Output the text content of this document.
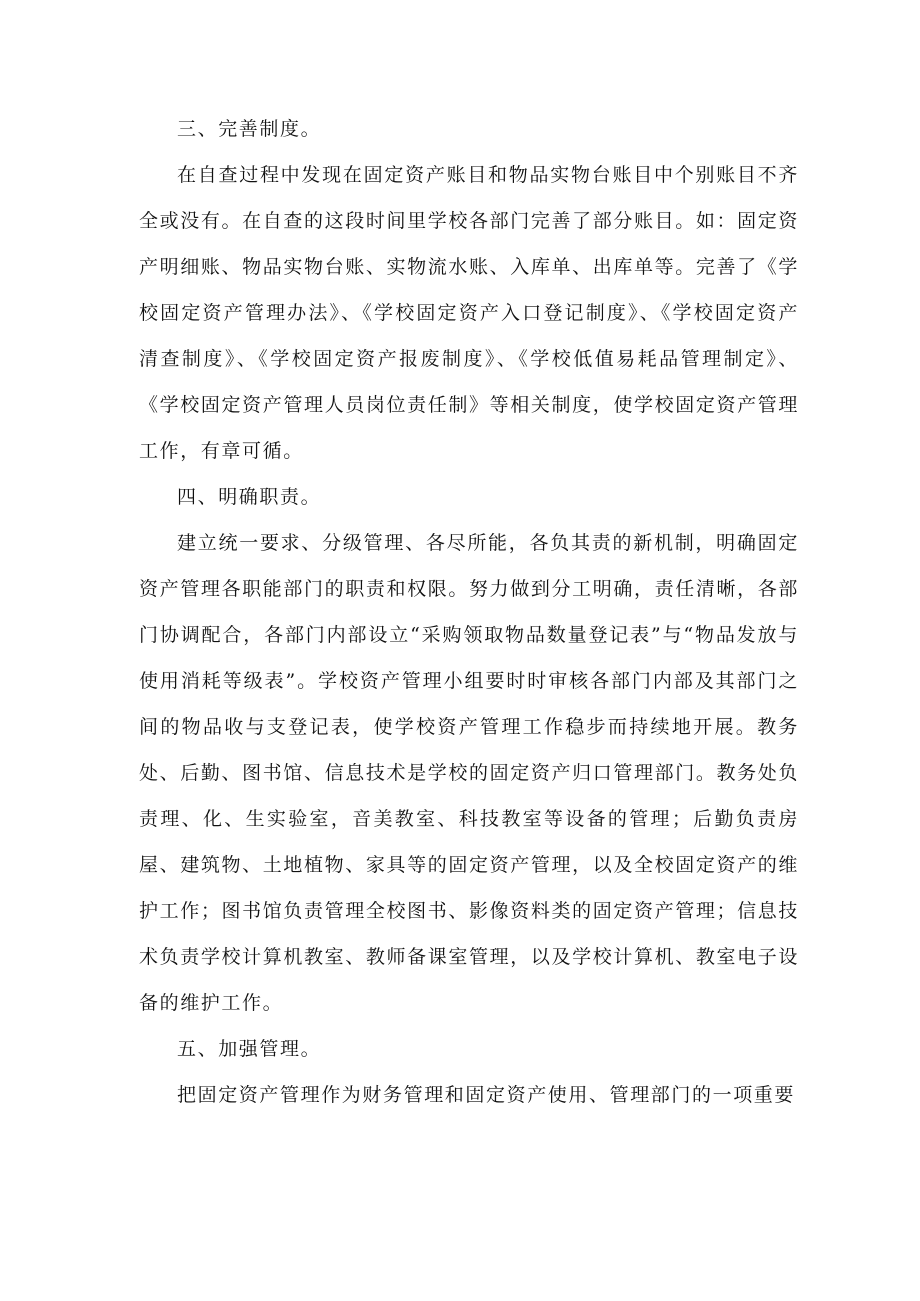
三、完善制度。

在自查过程中发现在固定资产账目和物品实物台账目中个别账目不齐全或没有。在自查的这段时间里学校各部门完善了部分账目。如：固定资产明细账、物品实物台账、实物流水账、入库单、出库单等。完善了《学校固定资产管理办法》、《学校固定资产入口登记制度》、《学校固定资产清查制度》、《学校固定资产报废制度》、《学校低值易耗品管理制定》、《学校固定资产管理人员岗位责任制》等相关制度，使学校固定资产管理工作，有章可循。

四、明确职责。

建立统一要求、分级管理、各尽所能，各负其责的新机制，明确固定资产管理各职能部门的职责和权限。努力做到分工明确，责任清晰，各部门协调配合，各部门内部设立“采购领取物品数量登记表”与“物品发放与使用消耗等级表”。学校资产管理小组要时时审核各部门内部及其部门之间的物品收与支登记表，使学校资产管理工作稳步而持续地开展。教务处、后勤、图书馆、信息技术是学校的固定资产归口管理部门。教务处负责理、化、生实验室，音美教室、科技教室等设备的管理；后勤负责房屋、建筑物、土地植物、家具等的固定资产管理，以及全校固定资产的维护工作；图书馆负责管理全校图书、影像资料类的固定资产管理；信息技术负责学校计算机教室、教师备课室管理，以及学校计算机、教室电子设备的维护工作。

五、加强管理。

把固定资产管理作为财务管理和固定资产使用、管理部门的一项重要
